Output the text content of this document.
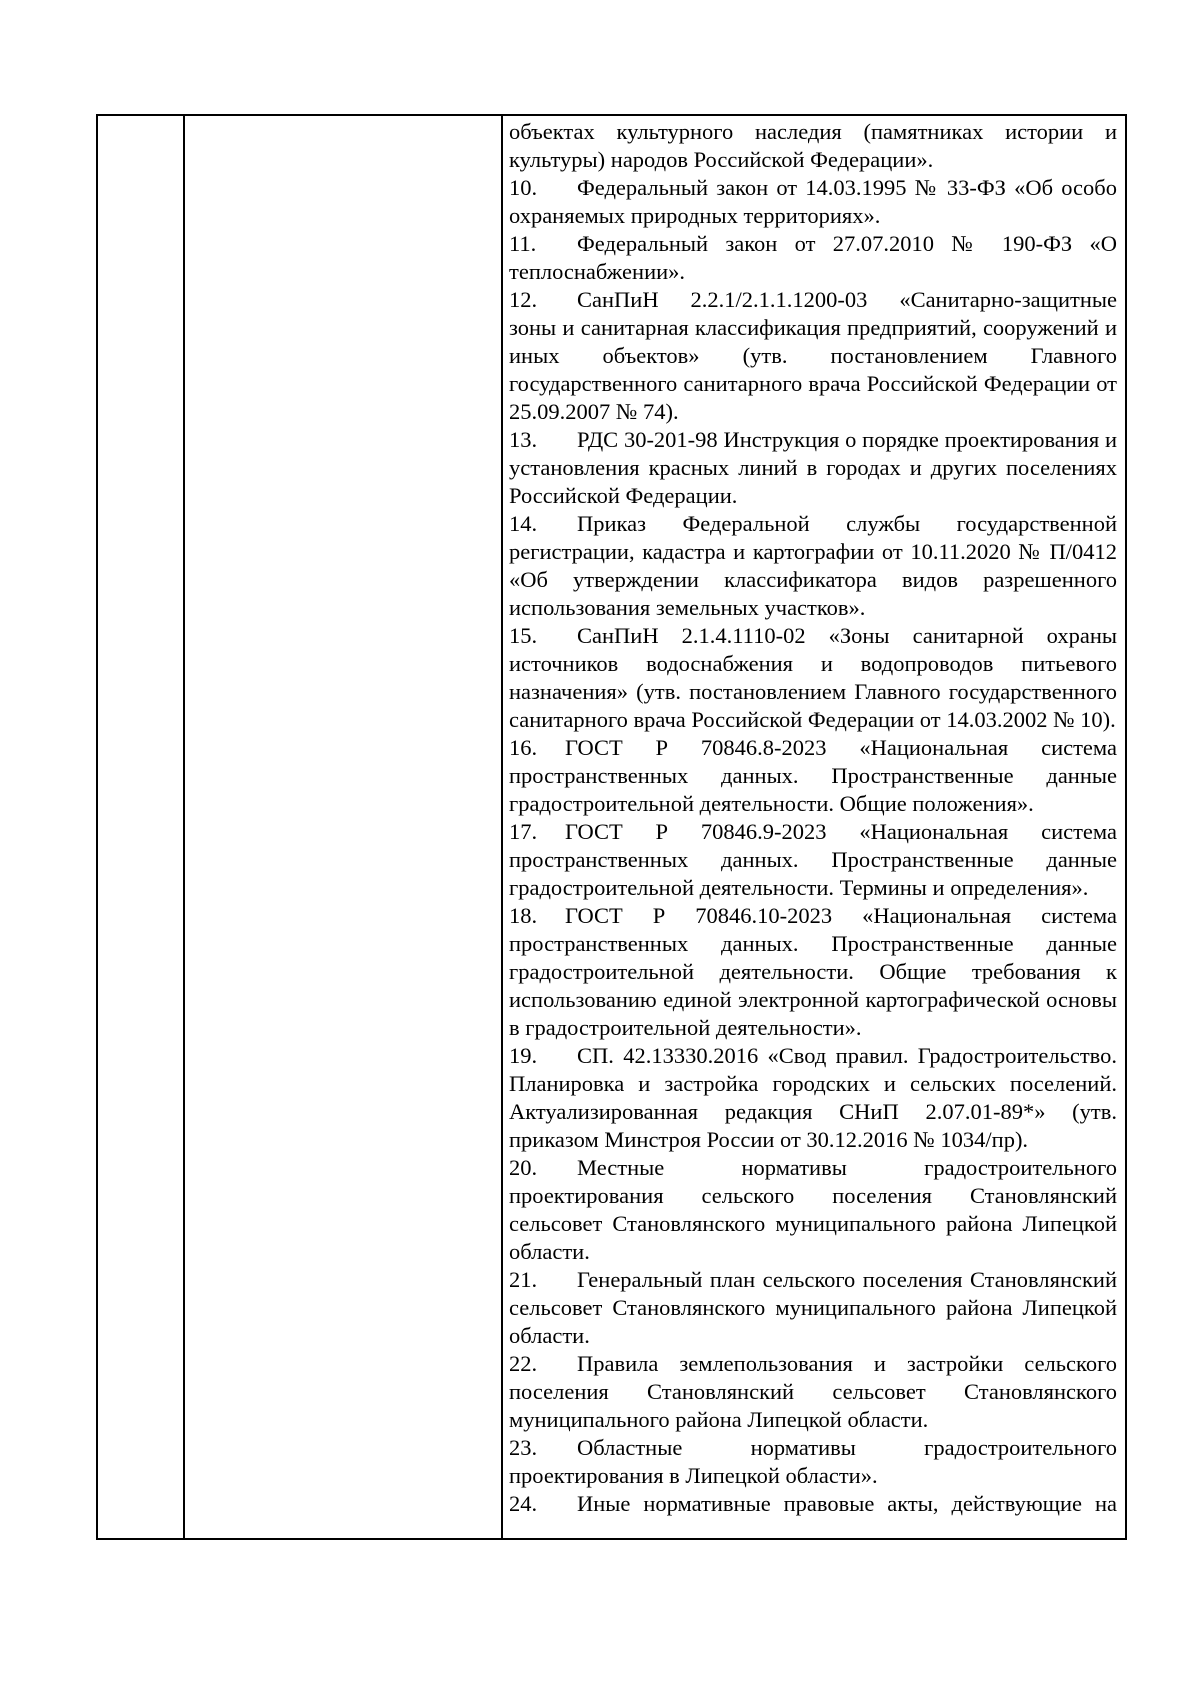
объектах культурного наследия (памятниках истории и культуры) народов Российской Федерации».
10. Федеральный закон от 14.03.1995 № 33-ФЗ «Об особо охраняемых природных территориях».
11. Федеральный закон от 27.07.2010 № 190-ФЗ «О теплоснабжении».
12. СанПиН 2.2.1/2.1.1.1200-03 «Санитарно-защитные зоны и санитарная классификация предприятий, сооружений и иных объектов» (утв. постановлением Главного государственного санитарного врача Российской Федерации от 25.09.2007 № 74).
13. РДС 30-201-98 Инструкция о порядке проектирования и установления красных линий в городах и других поселениях Российской Федерации.
14. Приказ Федеральной службы государственной регистрации, кадастра и картографии от 10.11.2020 № П/0412 «Об утверждении классификатора видов разрешенного использования земельных участков».
15. СанПиН 2.1.4.1110-02 «Зоны санитарной охраны источников водоснабжения и водопроводов питьевого назначения» (утв. постановлением Главного государственного санитарного врача Российской Федерации от 14.03.2002 № 10).
16. ГОСТ Р 70846.8-2023 «Национальная система пространственных данных. Пространственные данные градостроительной деятельности. Общие положения».
17. ГОСТ Р 70846.9-2023 «Национальная система пространственных данных. Пространственные данные градостроительной деятельности. Термины и определения».
18. ГОСТ Р 70846.10-2023 «Национальная система пространственных данных. Пространственные данные градостроительной деятельности. Общие требования к использованию единой электронной картографической основы в градостроительной деятельности».
19. СП. 42.13330.2016 «Свод правил. Градостроительство. Планировка и застройка городских и сельских поселений. Актуализированная редакция СНиП 2.07.01-89*» (утв. приказом Минстроя России от 30.12.2016 № 1034/пр).
20. Местные нормативы градостроительного проектирования сельского поселения Становлянский сельсовет Становлянского муниципального района Липецкой области.
21. Генеральный план сельского поселения Становлянский сельсовет Становлянского муниципального района Липецкой области.
22. Правила землепользования и застройки сельского поселения Становлянский сельсовет Становлянского муниципального района Липецкой области.
23. Областные нормативы градостроительного проектирования в Липецкой области».
24. Иные нормативные правовые акты, действующие на
